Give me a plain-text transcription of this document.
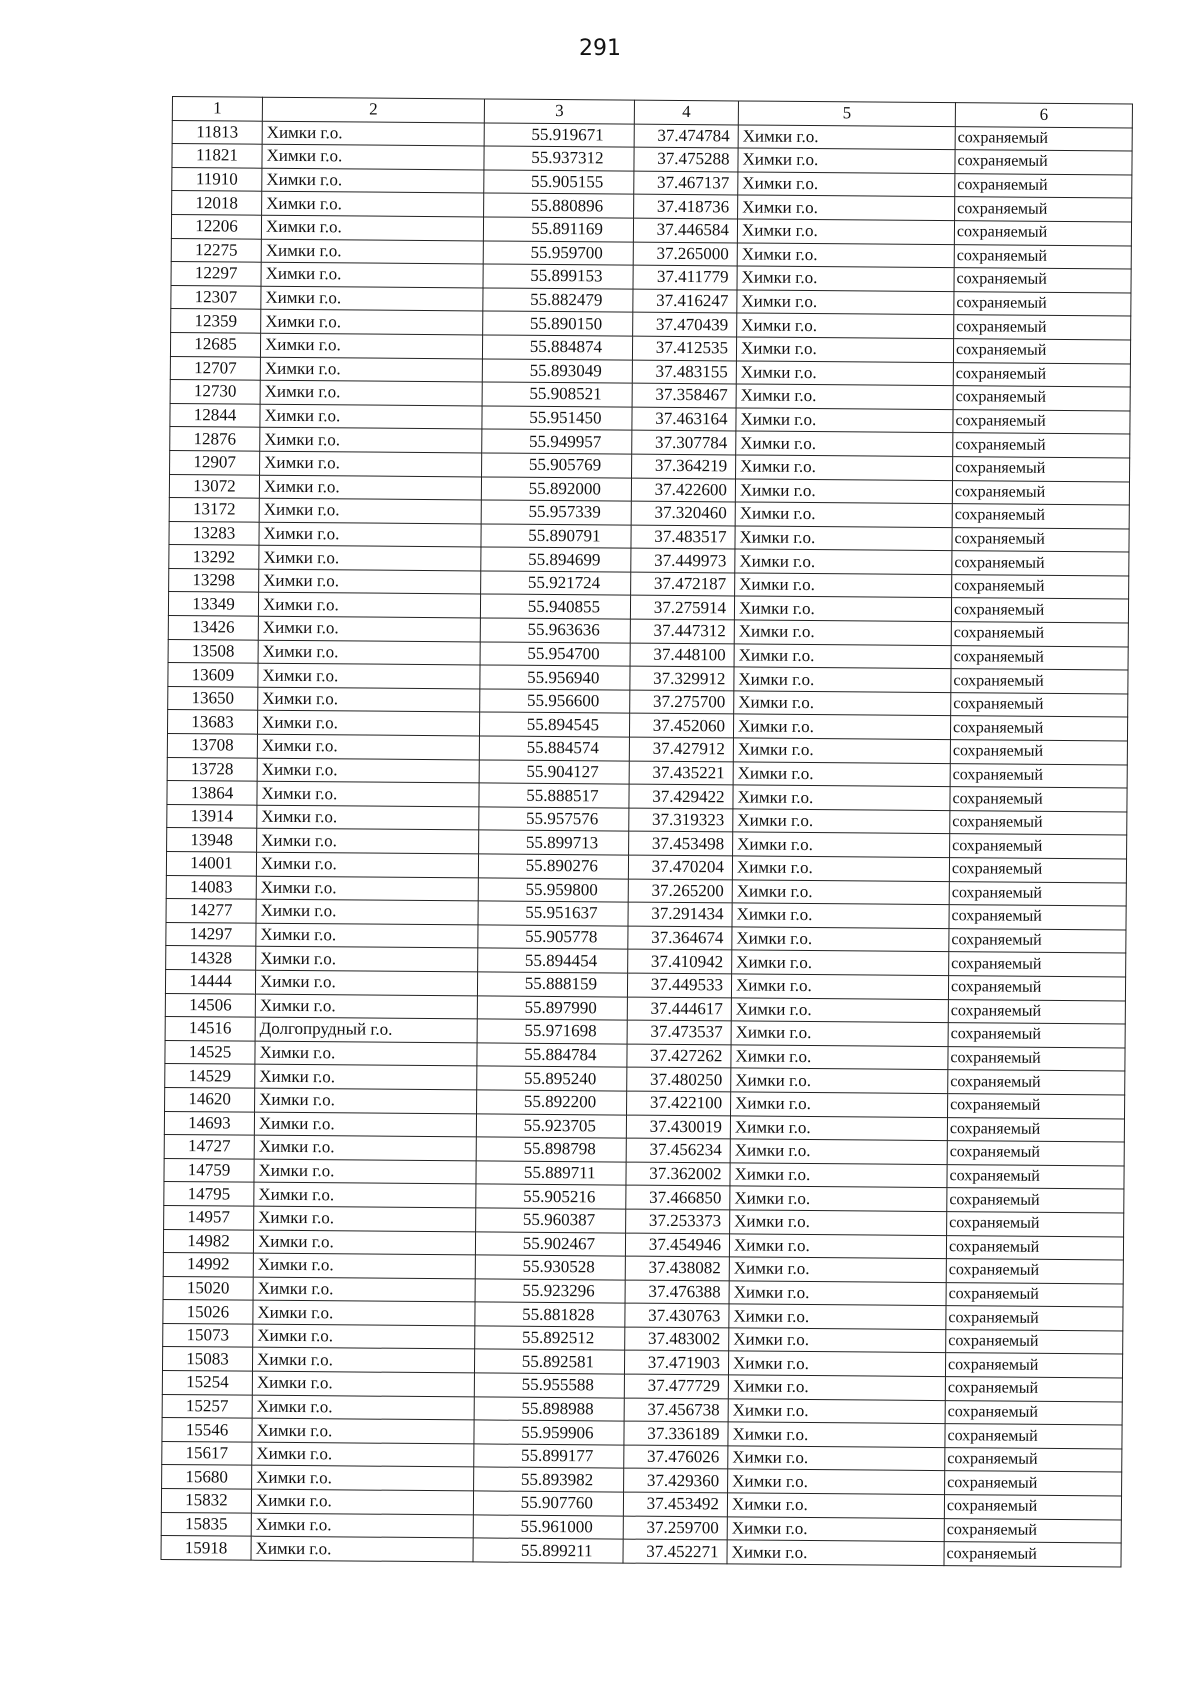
291
1	2	3	4	5	6
11813	Химки г.о.	55.919671	37.474784	Химки г.о.	сохраняемый
11821	Химки г.о.	55.937312	37.475288	Химки г.о.	сохраняемый
11910	Химки г.о.	55.905155	37.467137	Химки г.о.	сохраняемый
12018	Химки г.о.	55.880896	37.418736	Химки г.о.	сохраняемый
12206	Химки г.о.	55.891169	37.446584	Химки г.о.	сохраняемый
12275	Химки г.о.	55.959700	37.265000	Химки г.о.	сохраняемый
12297	Химки г.о.	55.899153	37.411779	Химки г.о.	сохраняемый
12307	Химки г.о.	55.882479	37.416247	Химки г.о.	сохраняемый
12359	Химки г.о.	55.890150	37.470439	Химки г.о.	сохраняемый
12685	Химки г.о.	55.884874	37.412535	Химки г.о.	сохраняемый
12707	Химки г.о.	55.893049	37.483155	Химки г.о.	сохраняемый
12730	Химки г.о.	55.908521	37.358467	Химки г.о.	сохраняемый
12844	Химки г.о.	55.951450	37.463164	Химки г.о.	сохраняемый
12876	Химки г.о.	55.949957	37.307784	Химки г.о.	сохраняемый
12907	Химки г.о.	55.905769	37.364219	Химки г.о.	сохраняемый
13072	Химки г.о.	55.892000	37.422600	Химки г.о.	сохраняемый
13172	Химки г.о.	55.957339	37.320460	Химки г.о.	сохраняемый
13283	Химки г.о.	55.890791	37.483517	Химки г.о.	сохраняемый
13292	Химки г.о.	55.894699	37.449973	Химки г.о.	сохраняемый
13298	Химки г.о.	55.921724	37.472187	Химки г.о.	сохраняемый
13349	Химки г.о.	55.940855	37.275914	Химки г.о.	сохраняемый
13426	Химки г.о.	55.963636	37.447312	Химки г.о.	сохраняемый
13508	Химки г.о.	55.954700	37.448100	Химки г.о.	сохраняемый
13609	Химки г.о.	55.956940	37.329912	Химки г.о.	сохраняемый
13650	Химки г.о.	55.956600	37.275700	Химки г.о.	сохраняемый
13683	Химки г.о.	55.894545	37.452060	Химки г.о.	сохраняемый
13708	Химки г.о.	55.884574	37.427912	Химки г.о.	сохраняемый
13728	Химки г.о.	55.904127	37.435221	Химки г.о.	сохраняемый
13864	Химки г.о.	55.888517	37.429422	Химки г.о.	сохраняемый
13914	Химки г.о.	55.957576	37.319323	Химки г.о.	сохраняемый
13948	Химки г.о.	55.899713	37.453498	Химки г.о.	сохраняемый
14001	Химки г.о.	55.890276	37.470204	Химки г.о.	сохраняемый
14083	Химки г.о.	55.959800	37.265200	Химки г.о.	сохраняемый
14277	Химки г.о.	55.951637	37.291434	Химки г.о.	сохраняемый
14297	Химки г.о.	55.905778	37.364674	Химки г.о.	сохраняемый
14328	Химки г.о.	55.894454	37.410942	Химки г.о.	сохраняемый
14444	Химки г.о.	55.888159	37.449533	Химки г.о.	сохраняемый
14506	Химки г.о.	55.897990	37.444617	Химки г.о.	сохраняемый
14516	Долгопрудный г.о.	55.971698	37.473537	Химки г.о.	сохраняемый
14525	Химки г.о.	55.884784	37.427262	Химки г.о.	сохраняемый
14529	Химки г.о.	55.895240	37.480250	Химки г.о.	сохраняемый
14620	Химки г.о.	55.892200	37.422100	Химки г.о.	сохраняемый
14693	Химки г.о.	55.923705	37.430019	Химки г.о.	сохраняемый
14727	Химки г.о.	55.898798	37.456234	Химки г.о.	сохраняемый
14759	Химки г.о.	55.889711	37.362002	Химки г.о.	сохраняемый
14795	Химки г.о.	55.905216	37.466850	Химки г.о.	сохраняемый
14957	Химки г.о.	55.960387	37.253373	Химки г.о.	сохраняемый
14982	Химки г.о.	55.902467	37.454946	Химки г.о.	сохраняемый
14992	Химки г.о.	55.930528	37.438082	Химки г.о.	сохраняемый
15020	Химки г.о.	55.923296	37.476388	Химки г.о.	сохраняемый
15026	Химки г.о.	55.881828	37.430763	Химки г.о.	сохраняемый
15073	Химки г.о.	55.892512	37.483002	Химки г.о.	сохраняемый
15083	Химки г.о.	55.892581	37.471903	Химки г.о.	сохраняемый
15254	Химки г.о.	55.955588	37.477729	Химки г.о.	сохраняемый
15257	Химки г.о.	55.898988	37.456738	Химки г.о.	сохраняемый
15546	Химки г.о.	55.959906	37.336189	Химки г.о.	сохраняемый
15617	Химки г.о.	55.899177	37.476026	Химки г.о.	сохраняемый
15680	Химки г.о.	55.893982	37.429360	Химки г.о.	сохраняемый
15832	Химки г.о.	55.907760	37.453492	Химки г.о.	сохраняемый
15835	Химки г.о.	55.961000	37.259700	Химки г.о.	сохраняемый
15918	Химки г.о.	55.899211	37.452271	Химки г.о.	сохраняемый
